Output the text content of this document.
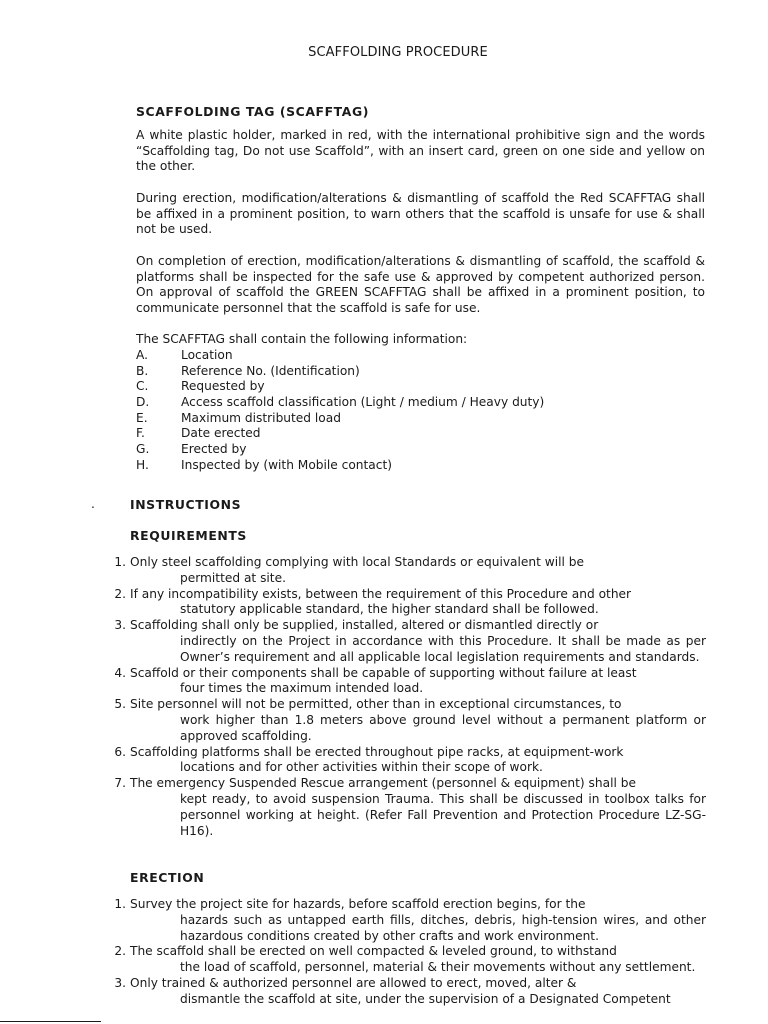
SCAFFOLDING PROCEDURE
SCAFFOLDING TAG (SCAFFTAG)
A white plastic holder, marked in red, with the international prohibitive sign and the words “Scaffolding tag, Do not use Scaffold”, with an insert card, green on one side and yellow on the other.
During erection, modification/alterations & dismantling of scaffold the Red SCAFFTAG shall be affixed in a prominent position, to warn others that the scaffold is unsafe for use & shall not be used.
On completion of erection, modification/alterations & dismantling of scaffold, the scaffold & platforms shall be inspected for the safe use & approved by competent authorized person. On approval of scaffold the GREEN SCAFFTAG shall be affixed in a prominent position, to communicate personnel that the scaffold is safe for use.
The SCAFFTAG shall contain the following information:
A.	Location
B.	Reference No. (Identification)
C.	Requested by
D.	Access scaffold classification (Light / medium / Heavy duty)
E.	Maximum distributed load
F.	Date erected
G.	Erected by
H.	Inspected by (with Mobile contact)
.	INSTRUCTIONS
REQUIREMENTS
1. Only steel scaffolding complying with local Standards or equivalent will be
permitted at site.
2. If any incompatibility exists, between the requirement of this Procedure and other
statutory applicable standard, the higher standard shall be followed.
3. Scaffolding shall only be supplied, installed, altered or dismantled directly or
indirectly on the Project in accordance with this Procedure. It shall be made as per Owner’s requirement and all applicable local legislation requirements and standards.
4. Scaffold or their components shall be capable of supporting without failure at least
four times the maximum intended load.
5. Site personnel will not be permitted, other than in exceptional circumstances, to
work higher than 1.8 meters above ground level without a permanent platform or approved scaffolding.
6. Scaffolding platforms shall be erected throughout pipe racks, at equipment-work
locations and for other activities within their scope of work.
7. The emergency Suspended Rescue arrangement (personnel & equipment) shall be
kept ready, to avoid suspension Trauma. This shall be discussed in toolbox talks for personnel working at height. (Refer Fall Prevention and Protection Procedure LZ-SG-H16).
ERECTION
1. Survey the project site for hazards, before scaffold erection begins, for the
hazards such as untapped earth fills, ditches, debris, high-tension wires, and other hazardous conditions created by other crafts and work environment.
2. The scaffold shall be erected on well compacted & leveled ground, to withstand
the load of scaffold, personnel, material & their movements without any settlement.
3. Only trained & authorized personnel are allowed to erect, moved, alter &
dismantle the scaffold at site, under the supervision of a Designated Competent
